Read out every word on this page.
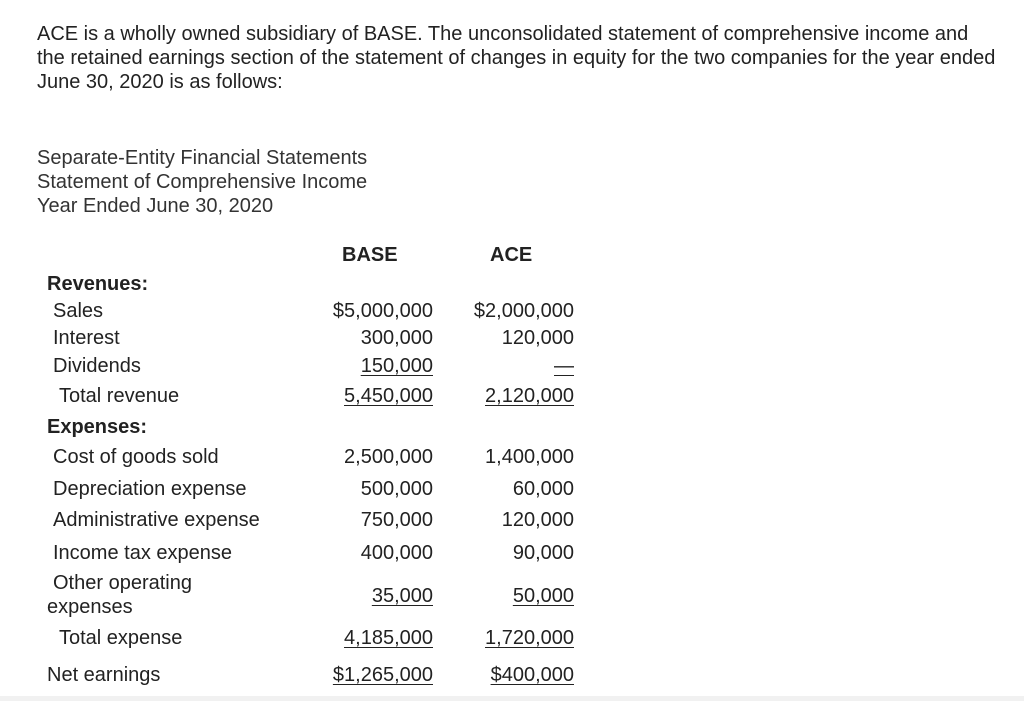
ACE is a wholly owned subsidiary of BASE. The unconsolidated statement of comprehensive income and the retained earnings section of the statement of changes in equity for the two companies for the year ended June 30, 2020 is as follows:

Separate-Entity Financial Statements
Statement of Comprehensive Income
Year Ended June 30, 2020
BASE	ACE
Revenues:
Sales	$5,000,000	$2,000,000
Interest	300,000	120,000
Dividends	150,000	—
Total revenue	5,450,000	2,120,000
Expenses:
Cost of goods sold	2,500,000	1,400,000
Depreciation expense	500,000	60,000
Administrative expense	750,000	120,000
Income tax expense	400,000	90,000
Other operating expenses	35,000	50,000
Total expense	4,185,000	1,720,000
Net earnings	$1,265,000	$400,000
